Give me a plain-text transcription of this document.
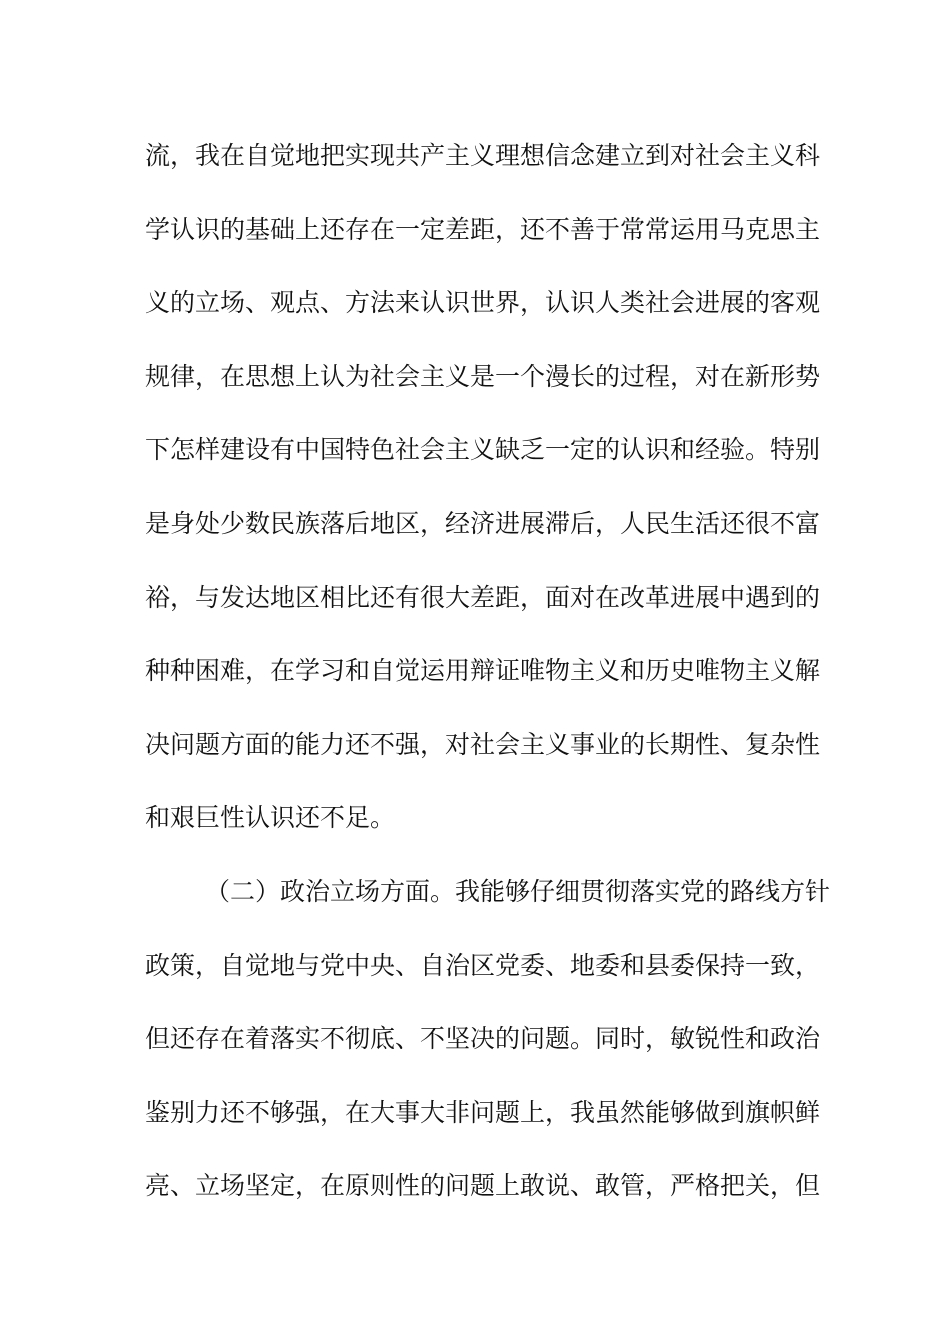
流，我在自觉地把实现共产主义理想信念建立到对社会主义科
学认识的基础上还存在一定差距，还不善于常常运用马克思主
义的立场、观点、方法来认识世界，认识人类社会进展的客观
规律，在思想上认为社会主义是一个漫长的过程，对在新形势
下怎样建设有中国特色社会主义缺乏一定的认识和经验。特别
是身处少数民族落后地区，经济进展滞后，人民生活还很不富
裕，与发达地区相比还有很大差距，面对在改革进展中遇到的
种种困难，在学习和自觉运用辩证唯物主义和历史唯物主义解
决问题方面的能力还不强，对社会主义事业的长期性、复杂性
和艰巨性认识还不足。
（二）政治立场方面。我能够仔细贯彻落实党的路线方针
政策，自觉地与党中央、自治区党委、地委和县委保持一致，
但还存在着落实不彻底、不坚决的问题。同时，敏锐性和政治
鉴别力还不够强，在大事大非问题上，我虽然能够做到旗帜鲜
亮、立场坚定，在原则性的问题上敢说、敢管，严格把关，但
